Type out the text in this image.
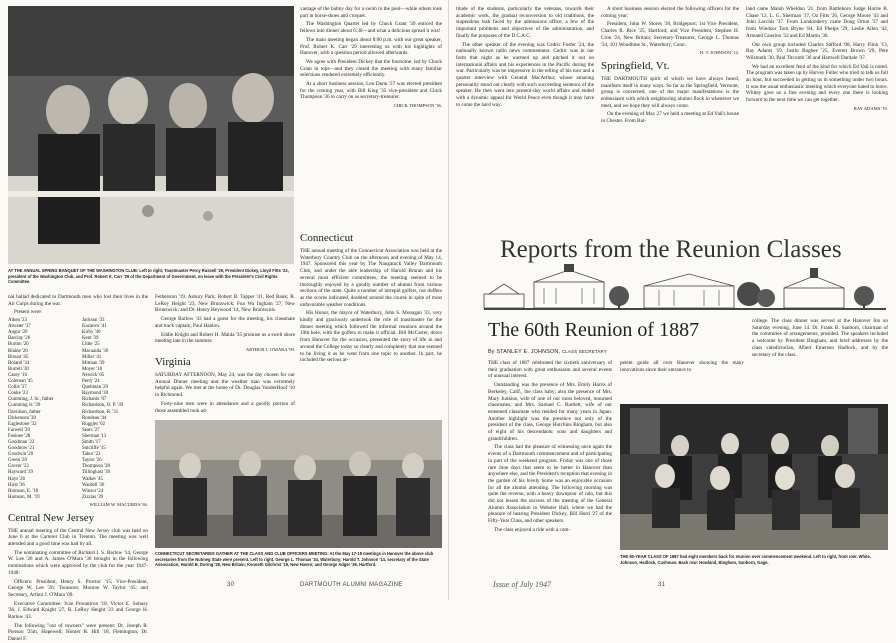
AT THE ANNUAL SPRING BANQUET OF THE WASHINGTON CLUB: Left to right, Toastmaster Percy Russell '29, President Dickey, Lloyd Fitts '22, president of the Washington Club, and Prof. Robert K. Carr '29 of the Department of Government, on leave with the President's Civil Rights Committee.

nal ballad dedicated to Dartmouth men who lost their lives in the Air Corps during the war.

Present were:

Aiken '23
Atwater '37
Augur '20
Barclay '26
Burton '20
Blaine '20
Blount '45
Boland '34
Burrell '30
Casey '16
Coleman '45
Collis '37
Cooke '23
Cumming, J. Sr., father
Cumming Jr. '39
Davidson, father
Dickenson '30
Eaglestone '32
Farwell '20
Fusinee '28
Goodman '22
Goodnow '21
Goodwin '20
Green '20
Grover '23
Hayward '39
Hays '26
Hirst '36
Humson, E. '18
Humson, M. '19
Jackson '33
Kazarow '41
Kirby '40
Kent '39
Little '25
Macuaida '36
Miller '41
Mitman '39
Moyer '18
Newick '05
Perry '24
Quebman '29
Raymond '30
Richards '07
Richardson, O. P. '39
Richardson, R. '31
Rondeau '44
Ruggles '02
Sears '27
Sherman '13
Smith '17
Sutcliffe '15
Tabor '23
Taylor '26
Thompson '28
Tillinghast '30
Walker '45
Wardell '36
Winsor '24
Zizzias '39
WILLIAM W. MACURDA '36.
Central New Jersey

THE annual meeting of the Central New Jersey club was held on June 6 at the Carteret Club in Trenton. The meeting was well attended and a good time was had by all.

The nominating committee of Richard J. S. Barlow '14, George W. Lee '26 and A. James O'Mara '36 brought in the following nominations which were approved by the club for the year 1947-1948:

Officers: President, Henry S. Proctor '15; Vice-President, George W. Lee '26; Treasurer, Monroe W. Taylor '45; and Secretary, Arthur J. O'Mara '09.

Executive Committee: Ivan Prountiron '18, Victor E. Sobusy '36, J. Edward Knight '27, R. LeRoy Height '23 and George H. Barlow '43.

The following "out of towners" were present: Dr. Joseph R. Pierson '25m, Hopewell; Homer B. Hill '18, Flemington; Dr. Daniel F.

Fetherston '19, Asbury Park; Robert B. Tapper '41, Red Bank; R. LeRoy Height '23, New Brunswick; Fun Wa Ingham '27, New Brunswick; and Dr. Henry Heywood '14, New Brunswick.

George Barlow '43 had a guest for the meeting, his classmate and track captain, Paul Hanlon.

Eddie Knight and Robert H. Maida '35 promise us a swell shore meeting late in the summer.

ARTHUR J. O'MARA '09.
Virginia

SATURDAY AFTERNOON, May 24, was the day chosen for our Annual Dinner meeting and the weather man was extremely helpful again. We met at the home of Dr. Douglas VanderHoof '10 in Richmond.

Forty-nine men were in attendance and a goodly portion of those assembled took ad-

vantage of the balmy day for a swim in the pool—while others took part in horse-shoes and croquet.

The Washington Quartet led by Chuck Grant '39 enticed the fellows into dinner about 6:30—and what a delicious spread it was!

The main meeting began about 8:00 p.m. with our great speaker, Prof. Robert K. Carr '29 interesting us with his highlights of Hanover, with a question period allowed afterwards.

We agree with President Dickey that the foursome: led by Chuck Grant in tops—and they closed the meeting with many familiar selections rendered extremely efficiently.

At a short business session, Len Dunn '27 was elected president for the coming year, with Bill King '35 vice-president and Chick Thompson '36 to carry on as secretary-treasurer.

CHICK THOMPSON '36.
Connecticut

THE annual meeting of the Connecticut Association was held at the Waterbury Country Club on the afternoon and evening of May 14, 1947. Sponsored this year by The Naugatuck Valley Dartmouth Club, and under the able leadership of Harold Bruran and his several most efficient committees, the meeting seemed to be thoroughly enjoyed by a goodly number of alumni from various sections of the state. Quite a number of intrepid golfers, not duffers as the scores indicated, doubled around the course in spite of most unfavorable weather conditions.

His Honor, the mayor of Waterbury, John S. Monagan '33, very kindly and graciously undertook the role of toastmaster for the dinner meeting which followed the informal reunions around the 19th hole, with the golfers to make it official. Bill McCarter, down from Hanover for the occasion, presented the story of life in and around the College today so clearly and completely that one seemed to be living it as he went from one topic to another. In part, he included the serious at-

CONNECTICUT SECRETARIES GATHER AT THE CLASS AND CLUB OFFICERS MEETING: At the May 17-18 meetings in Hanover the above club secretaries from the Nutmeg State were present. Left to right, George L. Thomas '34, Waterbury; Harold T. Johnson '14, secretary of the State Association; Harold B. Doring '29, New Britain; Kenneth Gilchrist '19, New Haven; and George Adger '26, Hartford.
30	DARTMOUTH ALUMNI MAGAZINE

titude of the students, particularly the veterans, towards their academic work, the gradual reconversion to old traditions, the stupendous task faced by the admissions office, a few of the important problems and objectives of the administration, and finally the purposes of the D.C.A.C.

The other speaker of the evening was Cedric Foster '24, the nationally known radio news commentator. Cedric was in our form that night as he warmed up and pitched it out on international affairs and his experiences in the Pacific during the war. Particularly was he impressive in the telling of his tour and a quarter interview with General MacArthur, whose amazing personality stood out clearly with such succeeding sentence of the speaker. He then went into present-day world affairs and ended with a dynamic appeal for World Peace even though it may have to come the hard way.

A short business session elected the following officers for the coming year:

President, John W. Stores '18, Bridgeport; 1st Vice President, Charles R. Rice '25, Hartford; and Vice President, Stephen H. Cron '24, New Britain; Secretary-Treasurer, George L. Thomas '34, 101 Woodbine St., Waterbury, Conn.

H. T. JOHNSON '14.
Springfield, Vt.

THE DARTMOUTH spirit of which we have always heard, manifests itself in many ways. So far as the Springfield, Vermont, group is concerned, one of the major manifestations is the enthusiasm with which neighboring alumni flock in whenever we meet, and we hope they will always come.

On the evening of May 27 we held a meeting at Ed Vail's house in Chester. From Rut-

land came Marsh Wheldon '21, from Battleboro Judge Harrie B. Chase '12, L. G. Sherman '17, Oz Fitts '26, George Moore '43 and John Lacchis '37. From Londonderry came Doug Orton '37 and from Windsor Tom Bryne '84, Ed Phelps '29, Leslie Allen '42, Armand Guerino '32 and Ed Martin '36.

Our own group included Charles Safford '08, Harry Flinn '13, Ray Adams '19, Justin Bugbee '25, Everett Brown '29, Pete Wilsmuth '30, Paul Titcomb '36 and Hartwell Dardale '37.

We had an excellent feed of the kind for which Ed Vail is noted. The program was taken up by Harvey Fuller who tried to talk us full an hour, but succeeded in getting us in something under two hours. It was the usual enthusiastic meeting which everyone hated to leave. Whitey gave us a fine evening and every one there is looking forward to the next time we can get together.

RAY ADAMS '19.
Reports from the Reunion Classes
The 60th Reunion of 1887
By STANLEY E. JOHNSON, CLASS SECRETARY

THE class of 1887 celebrated the sixtieth anniversary of their graduation with great enthusiasm and several events of unusual interest.

Outstanding was the presence of Mrs. Emily Harris of Berkeley, Calif., the class baby; also the presence of Mrs. Mary Junkins, wife of one of our most beloved, mourned classmates, and Mrs. Samuel C. Bartlett, wife of our esteemed classmate who resided for many years in Japan. Another highlight was the presence not only of the president of the class, George Hutchins Bingham, but also of eight of his descendants: sons and daughters and grandchildren.

The class had the pleasure of witnessing once again the events of a Dartmouth commencement and of participating in part of the weekend program. Friday was one of those rare June days that seem to be better in Hanover than anywhere else, and the President's reception that evening in the garden of his lovely home was an enjoyable occasion for all the alumni attending. The following morning was quite the reverse, with a heavy downpour of rain, but this did not lessen the success of the meeting of the General Alumni Association in Webster Hall, where we had the pleasure of hearing President Dickey, Bill Hurd '27 of the Fifty-Year Class, and other speakers.

The class enjoyed a ride with a com-

petent guide all over Hanover showing the many innovations since their entrance to

college. The class dinner was served at the Hanover Inn on Saturday evening, June 14. Dr. Frank B. Sanborn, chairman of the committee of arrangements, presided. The speakers included a welcome by President Bingham, and brief addresses by the class valedictorian, Albert Emerson Hadlock, and by the secretary of the class.

THE 60-YEAR CLASS OF 1887 had eight members back for reunion over commencement weekend. Left to right, front row: White, Johnson, Hadlock, Cushman. Back row: Howland, Bingham, Sanborn, Gage.
Issue of July 1947	31
